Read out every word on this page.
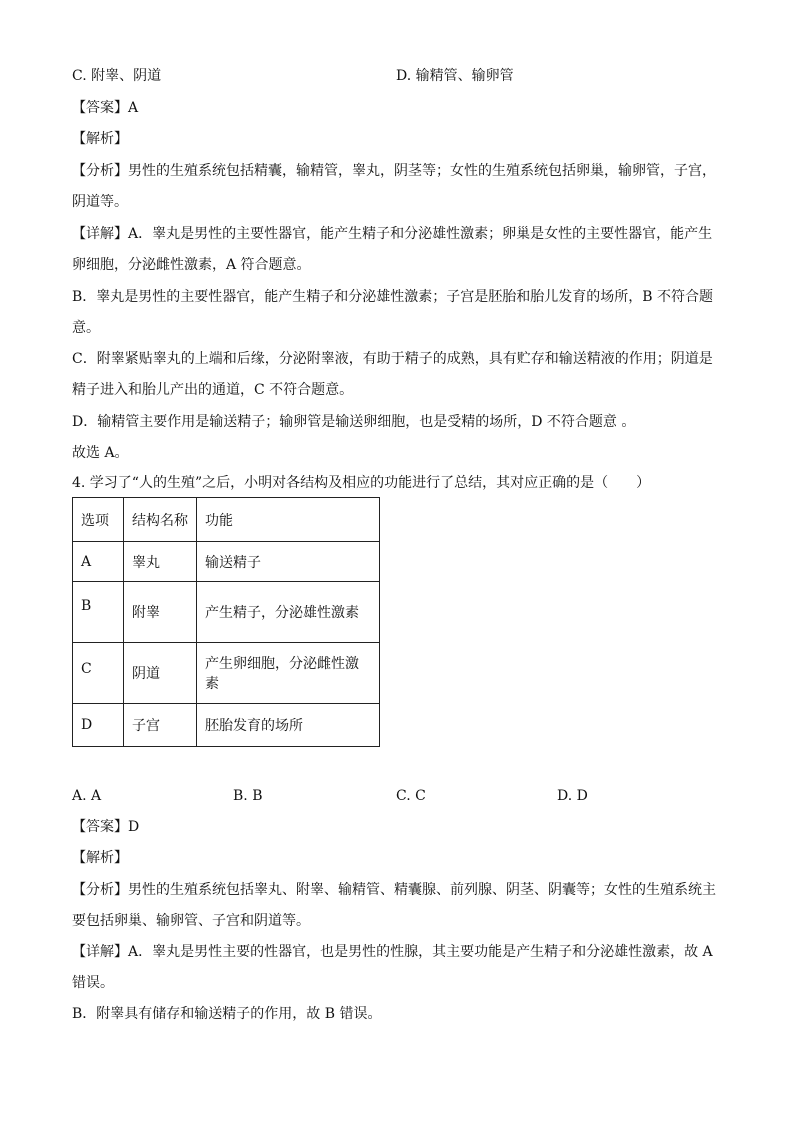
C. 附睾、阴道	D. 输精管、输卵管
【答案】A
【解析】
【分析】男性的生殖系统包括精囊，输精管，睾丸，阴茎等；女性的生殖系统包括卵巢，输卵管，子宫，
阴道等。
【详解】A．睾丸是男性的主要性器官，能产生精子和分泌雄性激素；卵巢是女性的主要性器官，能产生
卵细胞，分泌雌性激素，A 符合题意。
B．睾丸是男性的主要性器官，能产生精子和分泌雄性激素；子宫是胚胎和胎儿发育的场所，B 不符合题
意。
C．附睾紧贴睾丸的上端和后缘，分泌附睾液，有助于精子的成熟，具有贮存和输送精液的作用；阴道是
精子进入和胎儿产出的通道，C 不符合题意。
D．输精管主要作用是输送精子；输卵管是输送卵细胞，也是受精的场所，D 不符合题意 。
故选 A。
4. 学习了“人的生殖”之后，小明对各结构及相应的功能进行了总结，其对应正确的是（　　）
选项	结构名称	功能
A	睾丸	输送精子
B	附睾	产生精子，分泌雄性激素
C	阴道	产生卵细胞，分泌雌性激素
D	子宫	胚胎发育的场所
A. A	B. B	C. C	D. D
【答案】D
【解析】
【分析】男性的生殖系统包括睾丸、附睾、输精管、精囊腺、前列腺、阴茎、阴囊等；女性的生殖系统主
要包括卵巢、输卵管、子宫和阴道等。
【详解】A．睾丸是男性主要的性器官，也是男性的性腺，其主要功能是产生精子和分泌雄性激素，故 A
错误。
B．附睾具有储存和输送精子的作用，故 B 错误。
